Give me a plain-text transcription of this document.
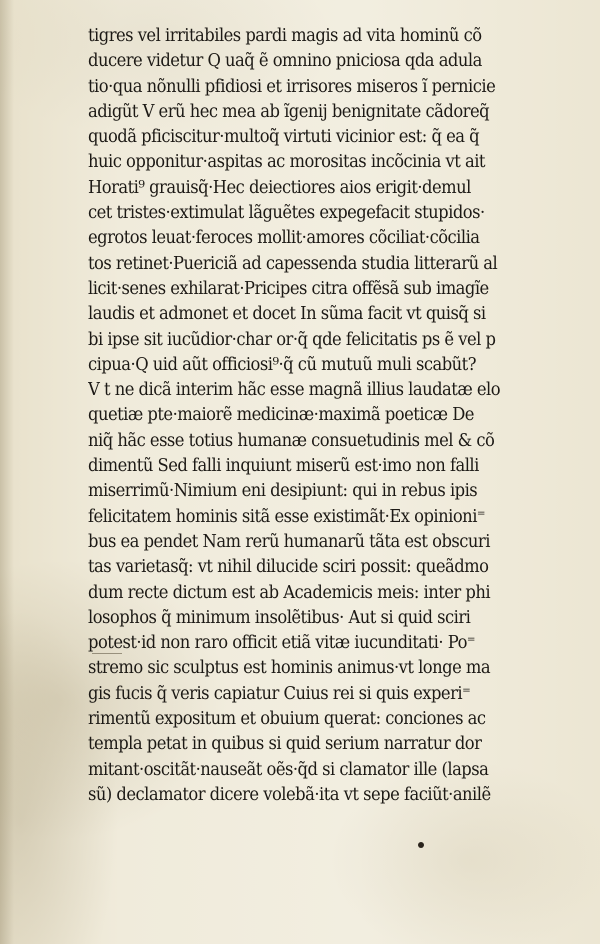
tigres vel irritabiles pardi magis ad vita hominũ cõ
ducere videtur Q uaq̃ ẽ omnino pniciosa qda adula
tio·qua nõnulli pfidiosi et irrisores miseros ĩ pernicie
adigũt V erũ hec mea ab ĩgenij benignitate cãdoreq̃
quodã pficiscitur·multoq̃ virtuti vicinior est: q̃ ea q̃
huic opponitur·aspitas ac morositas incõcinia vt ait
Horati⁹ grauisq̃·Hec deiectiores aios erigit·demul
cet tristes·extimulat lãguẽtes expegefacit stupidos·
egrotos leuat·feroces mollit·amores cõciliat·cõcilia
tos retinet·Puericiã ad capessenda studia litterarũ al
licit·senes exhilarat·Pricipes citra offẽsã sub imagĩe
laudis et admonet et docet In sũma facit vt quisq̃ si
bi ipse sit iucũdior·char or·q̃ qde felicitatis ps ẽ vel p
cipua·Q uid aũt officiosi⁹·q̃ cũ mutuũ muli scabũt?
V t ne dicã interim hãc esse magnã illius laudatæ elo
quetiæ pte·maiorẽ medicinæ·maximã poeticæ De
niq̃ hãc esse totius humanæ consuetudinis mel & cõ
dimentũ Sed falli inquiunt miserũ est·imo non falli
miserrimũ·Nimium eni desipiunt: qui in rebus ipis
felicitatem hominis sitã esse existimãt·Ex opinioni⁼
bus ea pendet Nam rerũ humanarũ tãta est obscuri
tas varietasq̃: vt nihil dilucide sciri possit: queãdmo
dum recte dictum est ab Academicis meis: inter phi
losophos q̃ minimum insolẽtibus· Aut si quid sciri
potest·id non raro officit etiã vitæ iucunditati· Po⁼
stremo sic sculptus est hominis animus·vt longe ma
gis fucis q̃ veris capiatur Cuius rei si quis experi⁼
rimentũ expositum et obuium querat: conciones ac
templa petat in quibus si quid serium narratur dor
mitant·oscitãt·nauseãt oẽs·q̃d si clamator ille (lapsa
sũ) declamator dicere volebã·ita vt sepe faciũt·anilẽ
